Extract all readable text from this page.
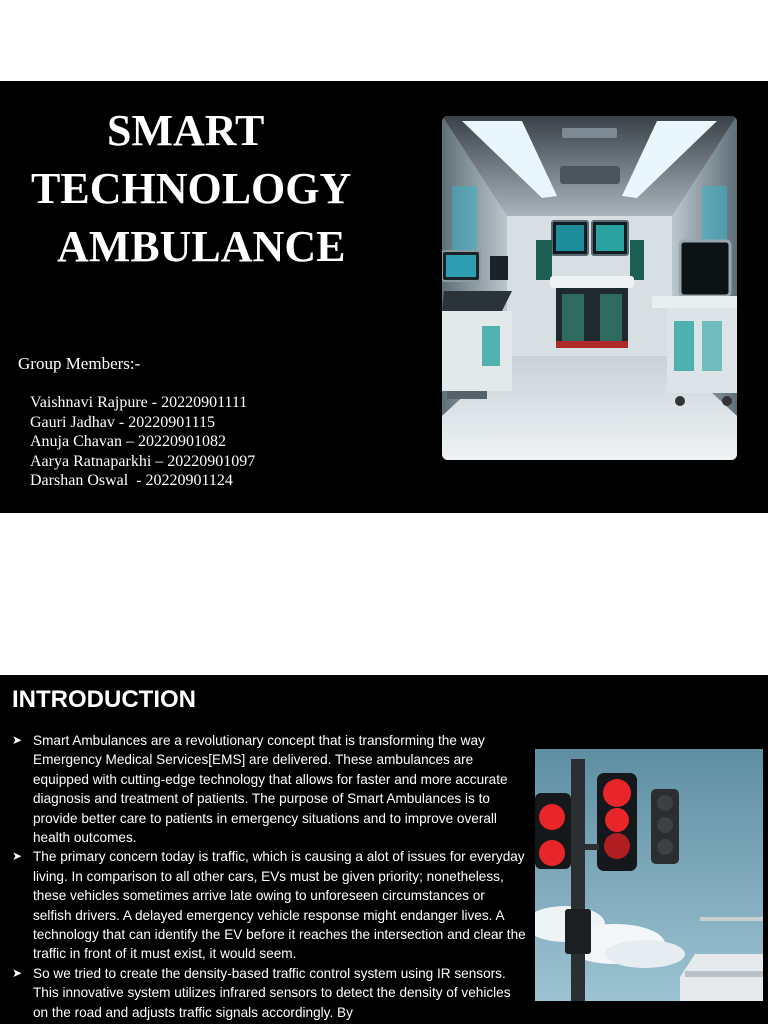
SMART
TECHNOLOGY
AMBULANCE
Group Members:-
Vaishnavi Rajpure - 20220901111
Gauri Jadhav - 20220901115
Anuja Chavan – 20220901082
Aarya Ratnaparkhi – 20220901097
Darshan Oswal  - 20220901124
INTRODUCTION
➤ Smart Ambulances are a revolutionary concept that is transforming the way Emergency Medical Services[EMS] are delivered. These ambulances are equipped with cutting-edge technology that allows for faster and more accurate diagnosis and treatment of patients. The purpose of Smart Ambulances is to provide better care to patients in emergency situations and to improve overall health outcomes.
➤ The primary concern today is traffic, which is causing a alot of issues for everyday living. In comparison to all other cars, EVs must be given priority; nonetheless, these vehicles sometimes arrive late owing to unforeseen circumstances or selfish drivers. A delayed emergency vehicle response might endanger lives. A technology that can identify the EV before it reaches the intersection and clear the traffic in front of it must exist, it would seem.
➤ So we tried to create the density-based traffic control system using IR sensors. This innovative system utilizes infrared sensors to detect the density of vehicles on the road and adjusts traffic signals accordingly. By
